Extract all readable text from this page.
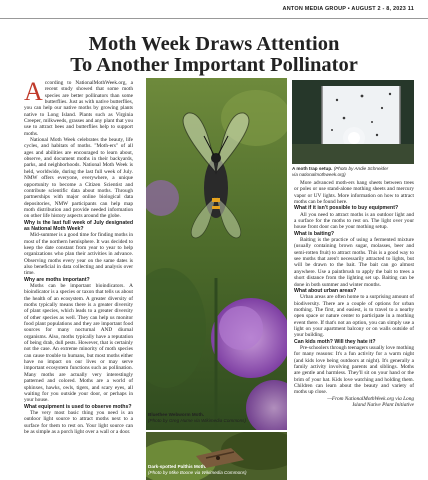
ANTON MEDIA GROUP • AUGUST 2 - 8, 2023 11
Moth Week Draws Attention
To Another Important Pollinator
A ccording to NationalMothWeek.org, a recent study showed that some moth species are better pollinators than some butterflies. Just as with native butterflies, you can help our native moths by growing plants native to Long Island. Plants such as Virginia Creeper, milkweeds, grasses and any plant that you use to attract bees and butterflies help to support moths.

National Moth Week celebrates the beauty, life cycles, and habitats of moths. "Moth-ers" of all ages and abilities are encouraged to learn about, observe, and document moths in their backyards, parks, and neighborhoods. National Moth Week is held, worldwide, during the last full week of July. NMW offers everyone, everywhere, a unique opportunity to become a Citizen Scientist and contribute scientific data about moths. Through partnerships with major online biological data depositories, NMW participants can help map moth distribution and provide needed information on other life history aspects around the globe.

Why is the last full week of July designated as National Moth Week?

Mid-summer is a good time for finding moths in most of the northern hemisphere. It was decided to keep the date constant from year to year to help organizations who plan their activities in advance. Observing moths every year on the same dates is also beneficial in data collecting and analysis over time.

Why are moths important?

Moths can be important bioindicators. A bioindicator is a species or taxon that tells us about the health of an ecosystem. A greater diversity of moths typically means there is a greater diversity of plant species, which leads to a greater diversity of other species as well. They can help us monitor food plant populations and they are important food sources for many nocturnal AND diurnal organisms. Also, moths typically have a reputation of being drab, dull pests. However, that is certainly not the case. An extreme minority of moth species can cause trouble to humans, but most moths either have no impact on our lives or may serve important ecosystem functions such as pollination. Many moths are actually very interestingly patterned and colored. Moths are a world of sphinxes, hawks, owls, tigers, and scary eyes, all waiting for you outside your door, or perhaps in your house.

What equipment is used to observe moths?

The very most basic thing you need is an outdoor light source to attract moths next to a surface for them to rest on. Your light source can be as simple as a porch light over a wall or a door.

Bluethee Webworm Moth.
(Photo by Greg Hume via Wikimedia Commons)
Dark-spotted Palthis Moth.
(Photo by Mike Boone via Wikimedia Commons)
A moth trap setup. (Photo by Andie Schneider
via nationalmothweek.org)

More advanced moth-ers hang sheets between trees or poles or use stand-alone mothing sheets and mercury vapor or UV lights. More information on how to attract moths can be found here.

What if it isn't possible to buy equipment?

All you need to attract moths is an outdoor light and a surface for the moths to rest on. The light over your house front door can be your mothing setup.

What is baiting?

Baiting is the practice of using a fermented mixture (usually containing brown sugar, molasses, beer and semi-rotten fruit) to attract moths. This is a good way to see moths that aren't necessarily attracted to lights, but will be drawn to the bait. The bait can go almost anywhere. Use a paintbrush to apply the bait to trees a short distance from the lighting set up. Baiting can be done in both summer and winter months.

What about urban areas?

Urban areas are often home to a surprising amount of biodiversity. There are a couple of options for urban mothing. The first, and easiest, is to travel to a nearby open space or nature center to participate in a mothing event there. If that's not an option, you can simply use a light on your apartment balcony or on walls outside of your building.

Can kids moth? Will they hate it?

Pre-schoolers through teenagers usually love mothing for many reasons: It's a fun activity for a warm night (and kids love being outdoors at night). It's generally a family activity involving parents and siblings. Moths are gentle and harmless. They'll sit on your hand or the brim of your hat. Kids love watching and holding them. Children can learn about the beauty and variety of moths up close.

—From NationalMothWeek.org via Long
Island Native Plant Initiative
